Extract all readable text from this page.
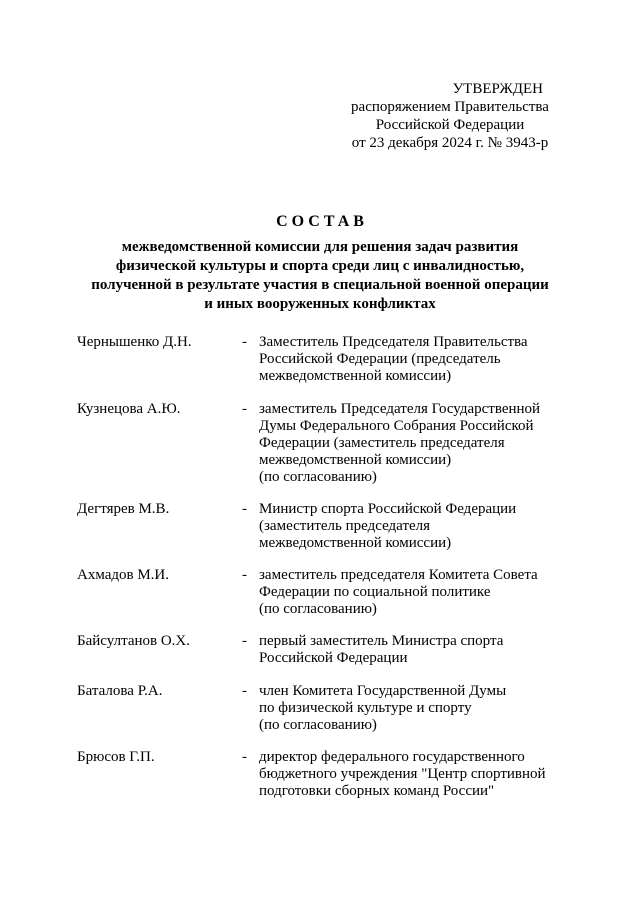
УТВЕРЖДЕН
распоряжением Правительства
Российской Федерации
от 23 декабря 2024 г. № 3943-р
СОСТАВ
межведомственной комиссии для решения задач развития
физической культуры и спорта среди лиц с инвалидностью,
полученной в результате участия в специальной военной операции
и иных вооруженных конфликтах
Чернышенко Д.Н.	- Заместитель Председателя Правительства
Российской Федерации (председатель
межведомственной комиссии)
Кузнецова А.Ю.	- заместитель Председателя Государственной
Думы Федерального Собрания Российской
Федерации (заместитель председателя
межведомственной комиссии)
(по согласованию)
Дегтярев М.В.	- Министр спорта Российской Федерации
(заместитель председателя
межведомственной комиссии)
Ахмадов М.И.	- заместитель председателя Комитета Совета
Федерации по социальной политике
(по согласованию)
Байсултанов О.Х.	- первый заместитель Министра спорта
Российской Федерации
Баталова Р.А.	- член Комитета Государственной Думы
по физической культуре и спорту
(по согласованию)
Брюсов Г.П.	- директор федерального государственного
бюджетного учреждения "Центр спортивной
подготовки сборных команд России"
